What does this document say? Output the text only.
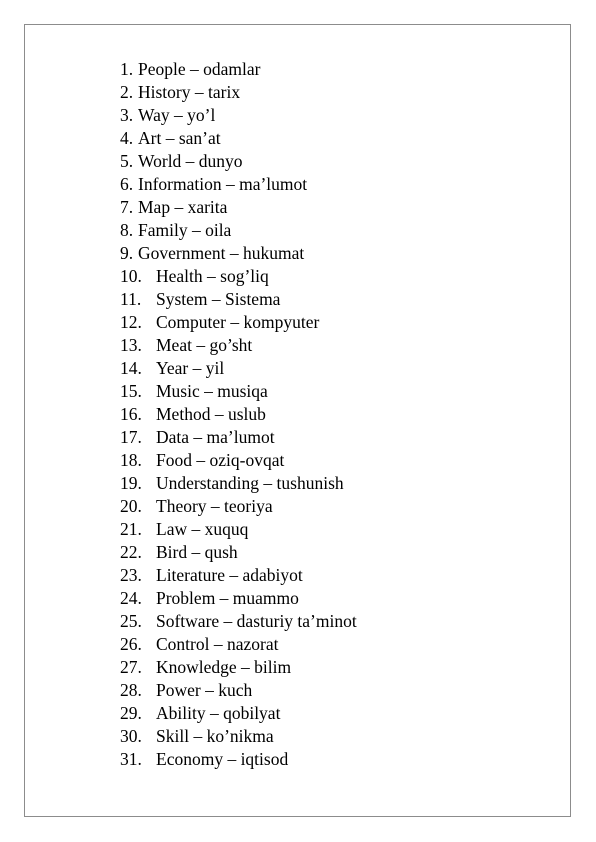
1. People – odamlar
2. History – tarix
3. Way – yo’l
4. Art – san’at
5. World – dunyo
6. Information – ma’lumot
7. Map – xarita
8. Family – oila
9. Government – hukumat
10. Health – sog’liq
11. System – Sistema
12. Computer – kompyuter
13. Meat – go’sht
14. Year – yil
15. Music – musiqa
16. Method – uslub
17. Data – ma’lumot
18. Food – oziq-ovqat
19. Understanding – tushunish
20. Theory – teoriya
21. Law – xuquq
22. Bird – qush
23. Literature – adabiyot
24. Problem – muammo
25. Software – dasturiy ta’minot
26. Control – nazorat
27. Knowledge – bilim
28. Power – kuch
29. Ability – qobilyat
30. Skill – ko’nikma
31. Economy – iqtisod
